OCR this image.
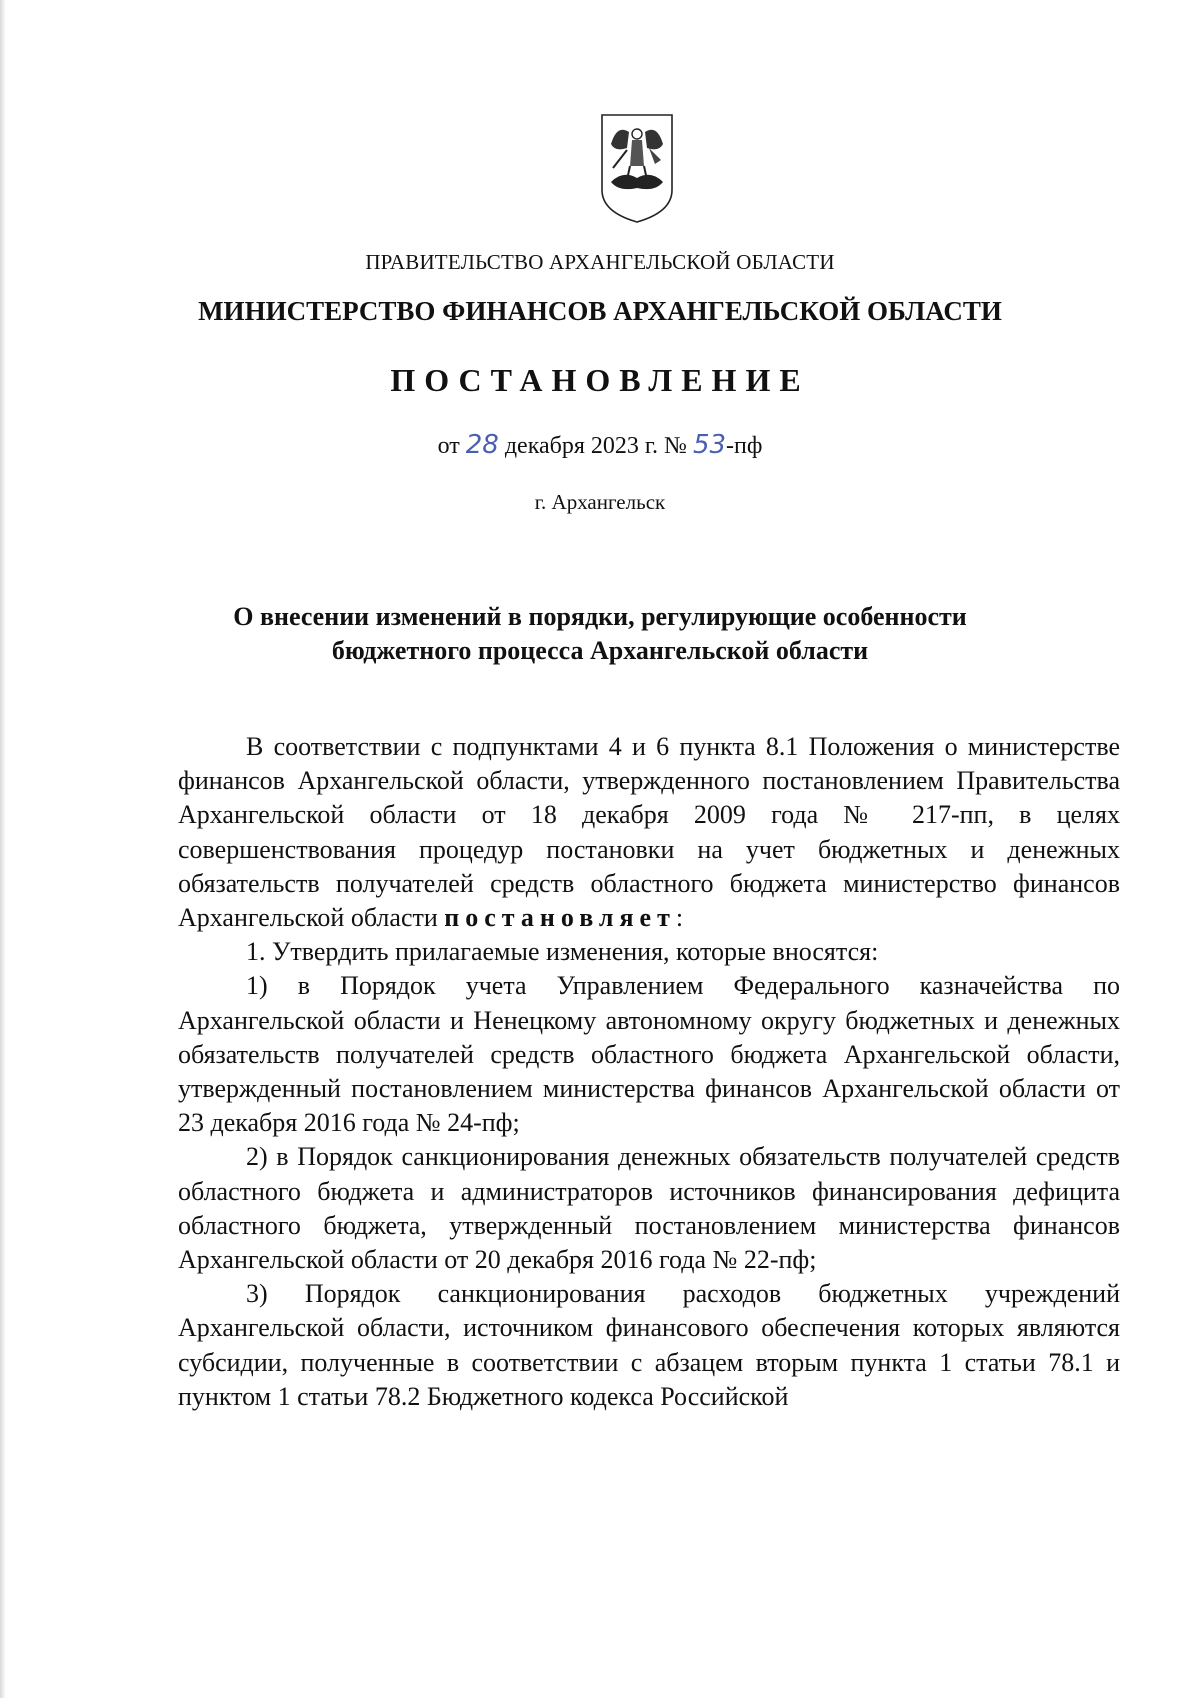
ПРАВИТЕЛЬСТВО АРХАНГЕЛЬСКОЙ ОБЛАСТИ
МИНИСТЕРСТВО ФИНАНСОВ АРХАНГЕЛЬСКОЙ ОБЛАСТИ
ПОСТАНОВЛЕНИЕ
от 28 декабря 2023 г. № 53-пф
г. Архангельск
О внесении изменений в порядки, регулирующие особенности
бюджетного процесса Архангельской области

В соответствии с подпунктами 4 и 6 пункта 8.1 Положения о министерстве финансов Архангельской области, утвержденного постановлением Правительства Архангельской области от 18 декабря 2009 года № 217-пп, в целях совершенствования процедур постановки на учет бюджетных и денежных обязательств получателей средств областного бюджета министерство финансов Архангельской области постановляет:

1. Утвердить прилагаемые изменения, которые вносятся:

1) в Порядок учета Управлением Федерального казначейства по Архангельской области и Ненецкому автономному округу бюджетных и денежных обязательств получателей средств областного бюджета Архангельской области, утвержденный постановлением министерства финансов Архангельской области от 23 декабря 2016 года № 24-пф;

2) в Порядок санкционирования денежных обязательств получателей средств областного бюджета и администраторов источников финансирования дефицита областного бюджета, утвержденный постановлением министерства финансов Архангельской области от 20 декабря 2016 года № 22-пф;

3) Порядок санкционирования расходов бюджетных учреждений Архангельской области, источником финансового обеспечения которых являются субсидии, полученные в соответствии с абзацем вторым пункта 1 статьи 78.1 и пунктом 1 статьи 78.2 Бюджетного кодекса Российской
